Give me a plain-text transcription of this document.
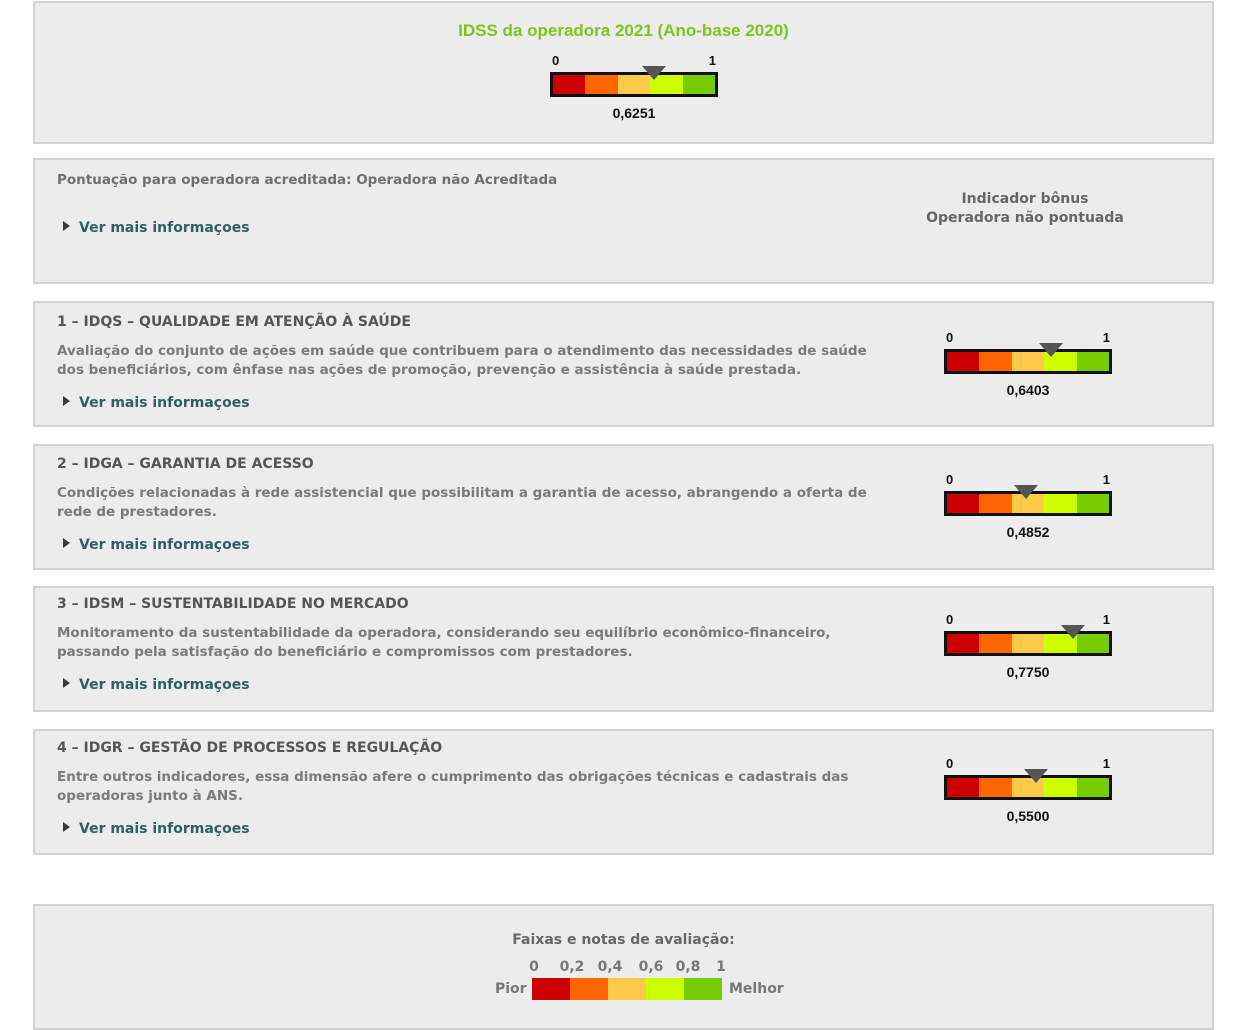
IDSS da operadora 2021 (Ano-base 2020)
0	1
0,6251
Pontuação para operadora acreditada: Operadora não Acreditada
Ver mais informaçoes
Indicador bônus
Operadora não pontuada
1 – IDQS – QUALIDADE EM ATENÇÃO À SAÚDE
Avaliação do conjunto de ações em saúde que contribuem para o atendimento das necessidades de saúde dos beneficiários, com ênfase nas ações de promoção, prevenção e assistência à saúde prestada.
Ver mais informaçoes
0	1
0,6403
2 – IDGA – GARANTIA DE ACESSO
Condições relacionadas à rede assistencial que possibilitam a garantia de acesso, abrangendo a oferta de rede de prestadores.
Ver mais informaçoes
0	1
0,4852
3 – IDSM – SUSTENTABILIDADE NO MERCADO
Monitoramento da sustentabilidade da operadora, considerando seu equilíbrio econômico-financeiro, passando pela satisfação do beneficiário e compromissos com prestadores.
Ver mais informaçoes
0	1
0,7750
4 – IDGR – GESTÃO DE PROCESSOS E REGULAÇÃO
Entre outros indicadores, essa dimensão afere o cumprimento das obrigações técnicas e cadastrais das operadoras junto à ANS.
Ver mais informaçoes
0	1
0,5500
Faixas e notas de avaliação:
0 0,2 0,4 0,6 0,8 1
Pior	Melhor
